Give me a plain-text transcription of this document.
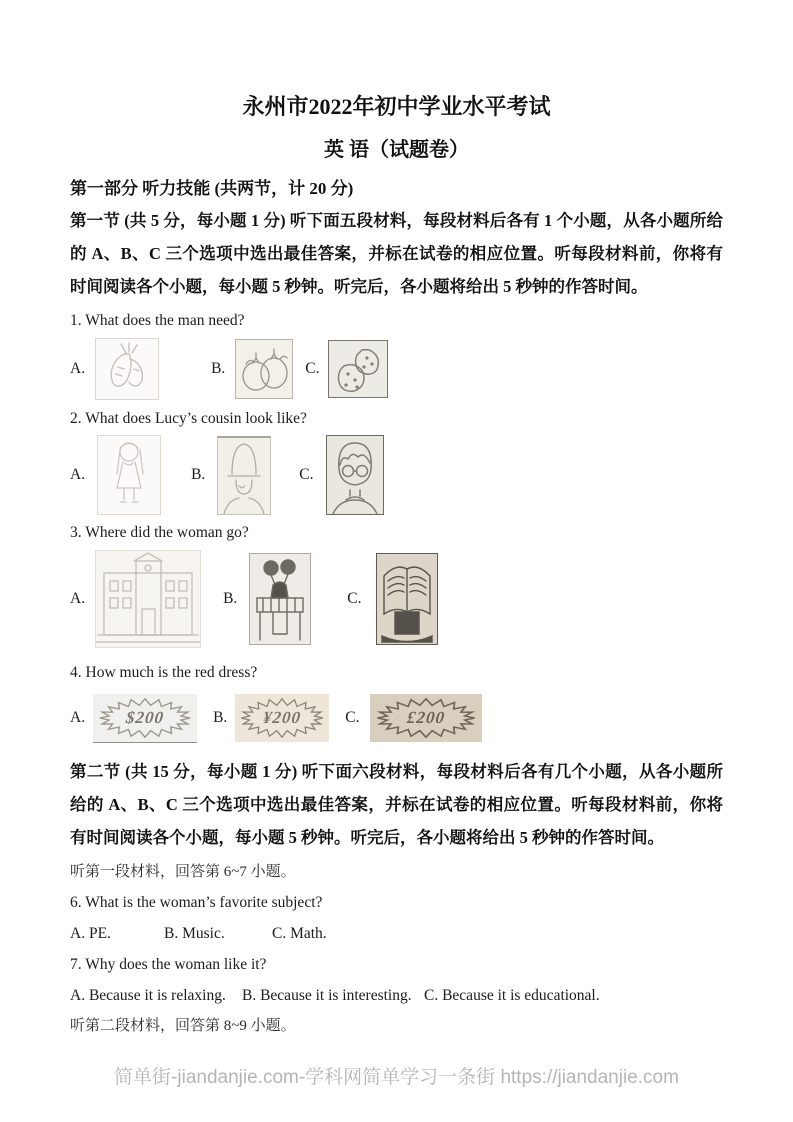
永州市2022年初中学业水平考试
英 语（试题卷）
第一部分 听力技能 (共两节，计 20 分)
第一节 (共 5 分，每小题 1 分) 听下面五段材料，每段材料后各有 1 个小题，从各小题所给的 A、B、C 三个选项中选出最佳答案，并标在试卷的相应位置。听每段材料前，你将有时间阅读各个小题，每小题 5 秒钟。听完后，各小题将给出 5 秒钟的作答时间。
1. What does the man need?
A.	B.	C.
2. What does Lucy’s cousin look like?
A.	B.	C.
3. Where did the woman go?
A.	B.	C.
4. How much is the red dress?
A. $200	B. ¥200	C.	£200
第二节 (共 15 分，每小题 1 分) 听下面六段材料，每段材料后各有几个小题，从各小题所给的 A、B、C 三个选项中选出最佳答案，并标在试卷的相应位置。听每段材料前，你将有时间阅读各个小题，每小题 5 秒钟。听完后，各小题将给出 5 秒钟的作答时间。
听第一段材料，回答第 6~7 小题。
6. What is the woman’s favorite subject?
A. PE.	B. Music.	C. Math.
7. Why does the woman like it?
A. Because it is relaxing.	B. Because it is interesting. C. Because it is educational.
听第二段材料，回答第 8~9 小题。
简单街-jiandanjie.com-学科网简单学习一条街 https://jiandanjie.com
